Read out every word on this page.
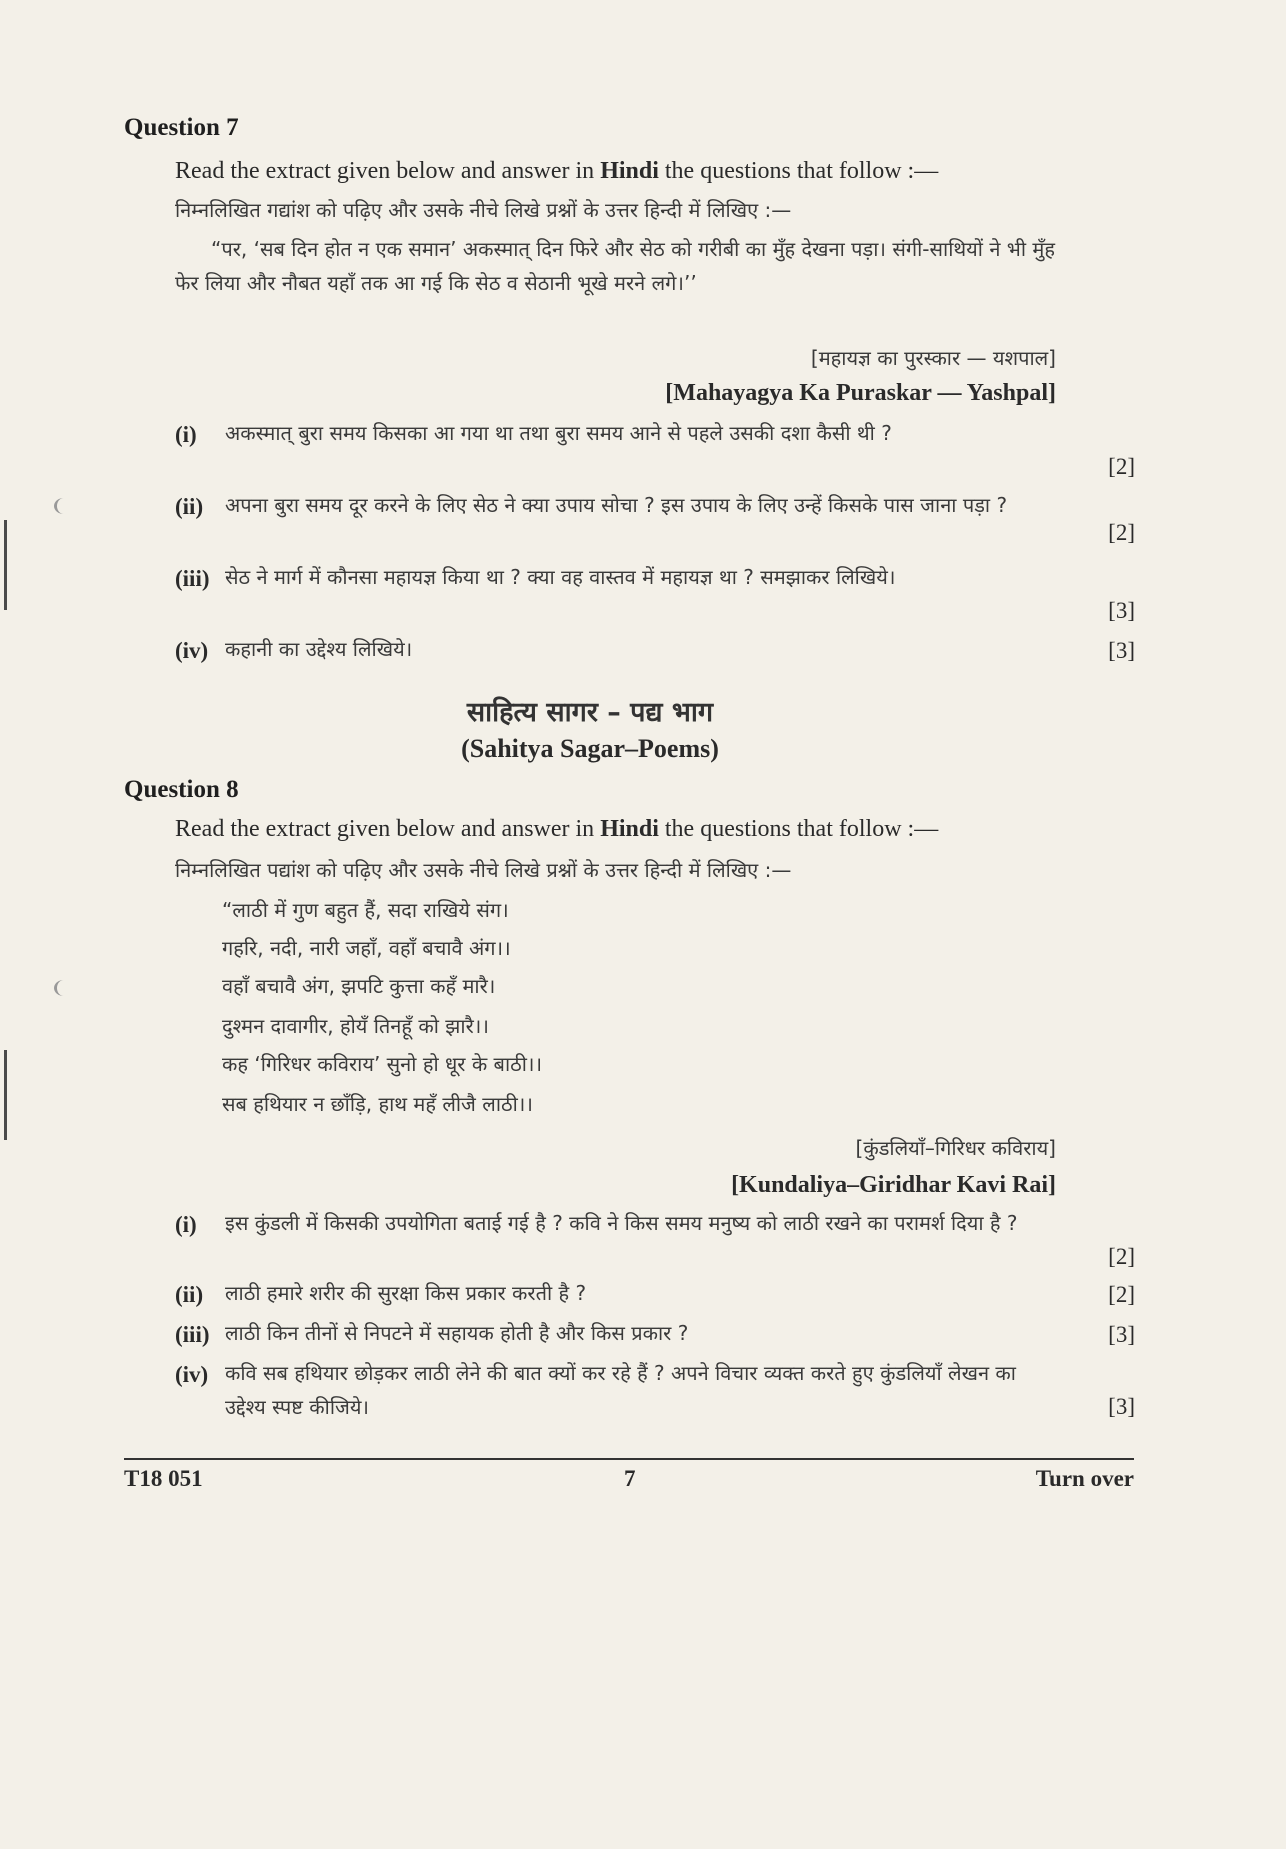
Question 7
Read the extract given below and answer in Hindi the questions that follow :—
निम्नलिखित गद्यांश को पढ़िए और उसके नीचे लिखे प्रश्नों के उत्तर हिन्दी में लिखिए :—
“पर, ‘सब दिन होत न एक समान’ अकस्मात् दिन फिरे और सेठ को गरीबी का मुँह देखना पड़ा। संगी-साथियों ने भी मुँह फेर लिया और नौबत यहाँ तक आ गई कि सेठ व सेठानी भूखे मरने लगे।’’
[महायज्ञ का पुरस्कार — यशपाल]
[Mahayagya Ka Puraskar — Yashpal]
(i) अकस्मात् बुरा समय किसका आ गया था तथा बुरा समय आने से पहले उसकी दशा कैसी थी ?
[2]
(ii) अपना बुरा समय दूर करने के लिए सेठ ने क्या उपाय सोचा ? इस उपाय के लिए उन्हें किसके पास जाना पड़ा ?
[2]
(iii) सेठ ने मार्ग में कौनसा महायज्ञ किया था ? क्या वह वास्तव में महायज्ञ था ? समझाकर लिखिये।
[3]
(iv) कहानी का उद्देश्य लिखिये।	[3]
साहित्य सागर – पद्य भाग
(Sahitya Sagar–Poems)
Question 8
Read the extract given below and answer in Hindi the questions that follow :—
निम्नलिखित पद्यांश को पढ़िए और उसके नीचे लिखे प्रश्नों के उत्तर हिन्दी में लिखिए :—
“लाठी में गुण बहुत हैं, सदा राखिये संग।
गहरि, नदी, नारी जहाँ, वहाँ बचावै अंग।।
वहाँ बचावै अंग, झपटि कुत्ता कहँ मारै।
दुश्मन दावागीर, होयँ तिनहूँ को झारै।।
कह ‘गिरिधर कविराय’ सुनो हो धूर के बाठी।।
सब हथियार न छाँड़ि, हाथ महँ लीजै लाठी।।
[कुंडलियाँ–गिरिधर कविराय]
[Kundaliya–Giridhar Kavi Rai]
(i) इस कुंडली में किसकी उपयोगिता बताई गई है ? कवि ने किस समय मनुष्य को लाठी रखने का परामर्श दिया है ?
[2]
(ii) लाठी हमारे शरीर की सुरक्षा किस प्रकार करती है ?	[2]
(iii) लाठी किन तीनों से निपटने में सहायक होती है और किस प्रकार ?	[3]
(iv) कवि सब हथियार छोड़कर लाठी लेने की बात क्यों कर रहे हैं ? अपने विचार व्यक्त करते हुए कुंडलियाँ लेखन का उद्देश्य स्पष्ट कीजिये।	[3]
T18 051	7	Turn over
